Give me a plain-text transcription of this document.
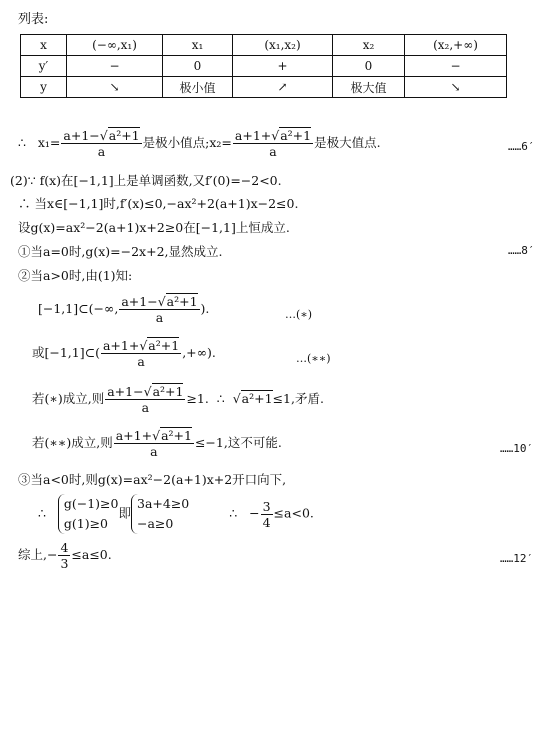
列表:
x	(−∞,x₁)	x₁	(x₁,x₂)	x₂	(x₂,+∞)
y′	−	0	+	0	−
y	↘	极小值	↗	极大值	↘
∴ $x_1= \frac{\text{a+1−√a²+1}}{a}$ 是极小值点;x₂= $\frac{\text{a+1+√a²+1}}{a}$ 是极大值点.	……6′
(2)∵ f(x)在[−1,1]上是单调函数,又f′(0)=−2<0.
∴ 当x∈[−1,1]时,f′(x)≤0,−ax²+2(a+1)x−2≤0.
设g(x)=ax²−2(a+1)x+2≥0在[−1,1]上恒成立.
①当a=0时,g(x)=−2x+2,显然成立.	……8′
②当a>0时,由(1)知:
[−1,1]⊂(−∞, $\frac{\text{a+1−√a²+1}}{a}$ ).	…(∗)
或[−1,1]⊂( $\frac{\text{a+1+√a²+1}}{a}$ ,+∞).	…(∗∗)
若(∗)成立,则 $\frac{\text{a+1−√a²+1}}{a} \ge 1$.  ∴  √a²+1≤1,矛盾.
若(∗∗)成立,则 $\frac{\text{a+1+√a²+1}}{a} \le-1$,这不可能.	……10′
③当a<0时,则g(x)=ax²−2(a+1)x+2开口向下,
∴
g(−1)≥0
g(1)≥0
即
3a+4≥0
−a≥0
∴ − $\frac{3}{4} \le a<0$.
综上,− $\frac{4}{3} \le a\le 0$.	……12′
